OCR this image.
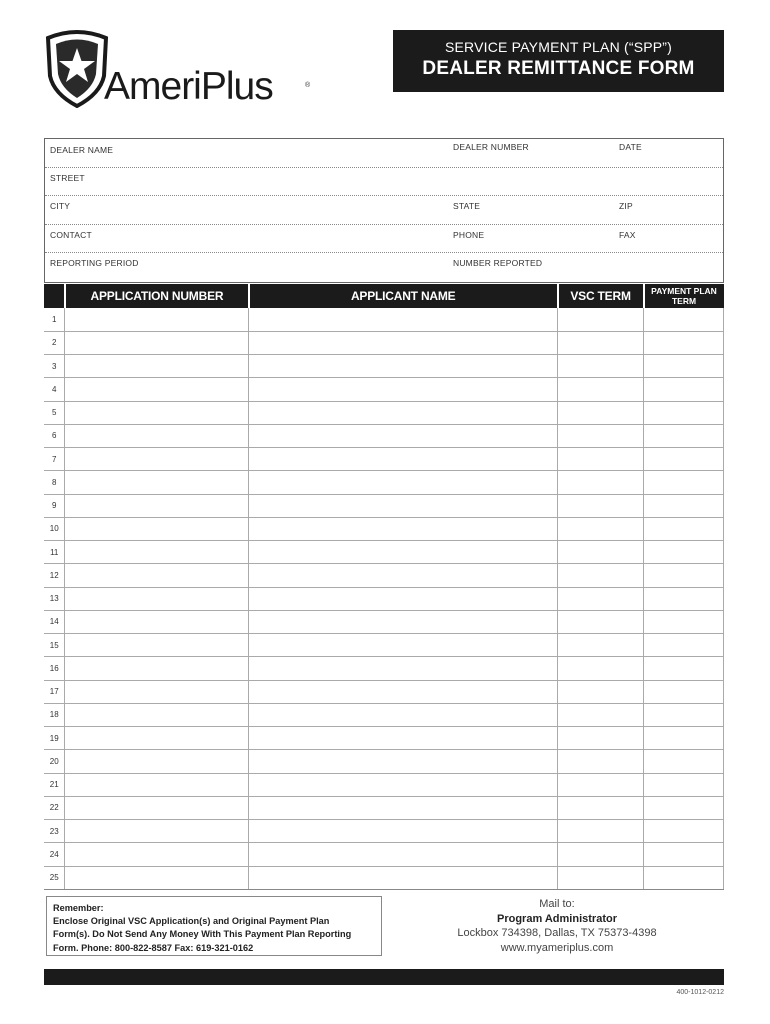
AmeriPlus	®
SERVICE PAYMENT PLAN (“SPP”)
DEALER REMITTANCE FORM
DEALER NAME	DEALER NUMBER	DATE
STREET
CITY	STATE	ZIP
CONTACT	PHONE	FAX
REPORTING PERIOD	NUMBER REPORTED
	APPLICATION NUMBER	APPLICANT NAME	VSC TERM	PAYMENT PLAN
TERM

1				
2				
3				
4				
5				
6				
7				
8				
9				
10				
11				
12				
13				
14				
15				
16				
17				
18				
19				
20				
21				
22				
23				
24				
25				
Remember:
Enclose Original VSC Application(s) and Original Payment Plan
Form(s). Do Not Send Any Money With This Payment Plan Reporting
Form. Phone: 800-822-8587 Fax: 619-321-0162
Mail to:
Program Administrator
Lockbox 734398, Dallas, TX 75373-4398
www.myameriplus.com
400-1012-0212
